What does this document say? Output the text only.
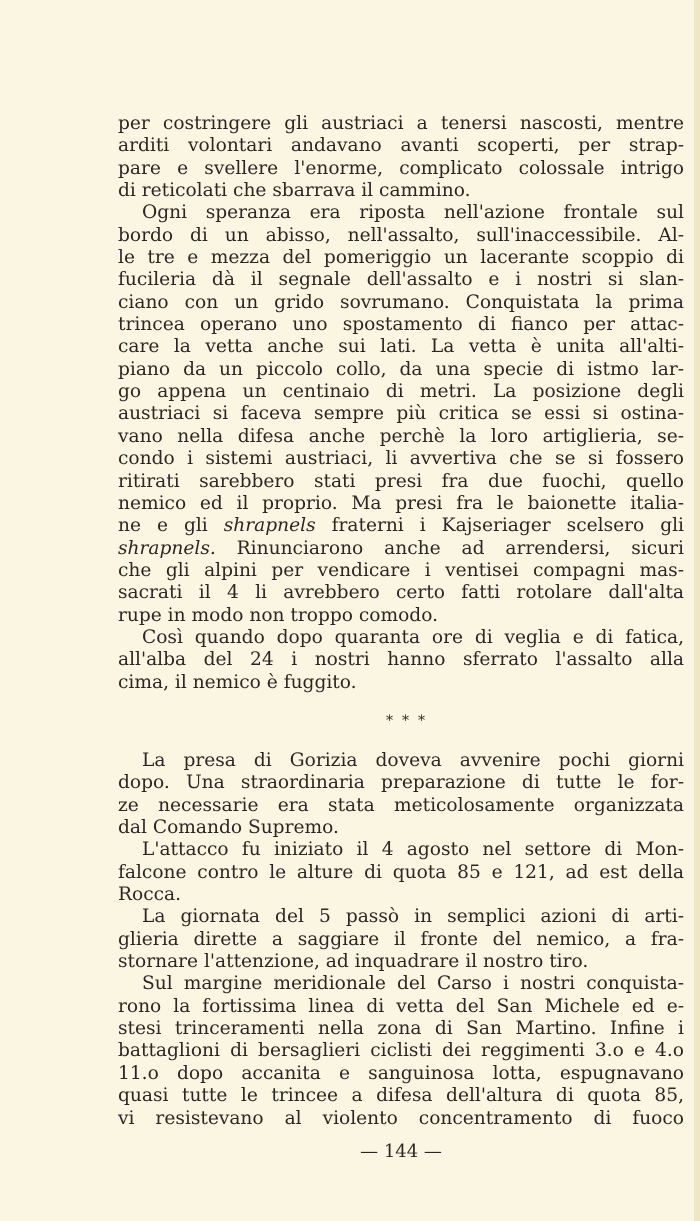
per costringere gli austriaci a tenersi nascosti, mentre
arditi volontari andavano avanti scoperti, per strap-
pare e svellere l'enorme, complicato colossale intrigo
di reticolati che sbarrava il cammino.
Ogni speranza era riposta nell'azione frontale sul
bordo di un abisso, nell'assalto, sull'inaccessibile. Al-
le tre e mezza del pomeriggio un lacerante scoppio di
fucileria dà il segnale dell'assalto e i nostri si slan-
ciano con un grido sovrumano. Conquistata la prima
trincea operano uno spostamento di fianco per attac-
care la vetta anche sui lati. La vetta è unita all'alti-
piano da un piccolo collo, da una specie di istmo lar-
go appena un centinaio di metri. La posizione degli
austriaci si faceva sempre più critica se essi si ostina-
vano nella difesa anche perchè la loro artiglieria, se-
condo i sistemi austriaci, li avvertiva che se si fossero
ritirati sarebbero stati presi fra due fuochi, quello
nemico ed il proprio. Ma presi fra le baionette italia-
ne e gli shrapnels fraterni i Kajseriager scelsero gli
shrapnels. Rinunciarono anche ad arrendersi, sicuri
che gli alpini per vendicare i ventisei compagni mas-
sacrati il 4 li avrebbero certo fatti rotolare dall'alta
rupe in modo non troppo comodo.
Così quando dopo quaranta ore di veglia e di fatica,
all'alba del 24 i nostri hanno sferrato l'assalto alla
cima, il nemico è fuggito.
***
La presa di Gorizia doveva avvenire pochi giorni
dopo. Una straordinaria preparazione di tutte le for-
ze necessarie era stata meticolosamente organizzata
dal Comando Supremo.
L'attacco fu iniziato il 4 agosto nel settore di Mon-
falcone contro le alture di quota 85 e 121, ad est della
Rocca.
La giornata del 5 passò in semplici azioni di arti-
glieria dirette a saggiare il fronte del nemico, a fra-
stornare l'attenzione, ad inquadrare il nostro tiro.
Sul margine meridionale del Carso i nostri conquista-
rono la fortissima linea di vetta del San Michele ed e-
stesi trinceramenti nella zona di San Martino. Infine i
battaglioni di bersaglieri ciclisti dei reggimenti 3.o e 4.o
11.o dopo accanita e sanguinosa lotta, espugnavano
quasi tutte le trincee a difesa dell'altura di quota 85,
vi resistevano al violento concentramento di fuoco
— 144 —
